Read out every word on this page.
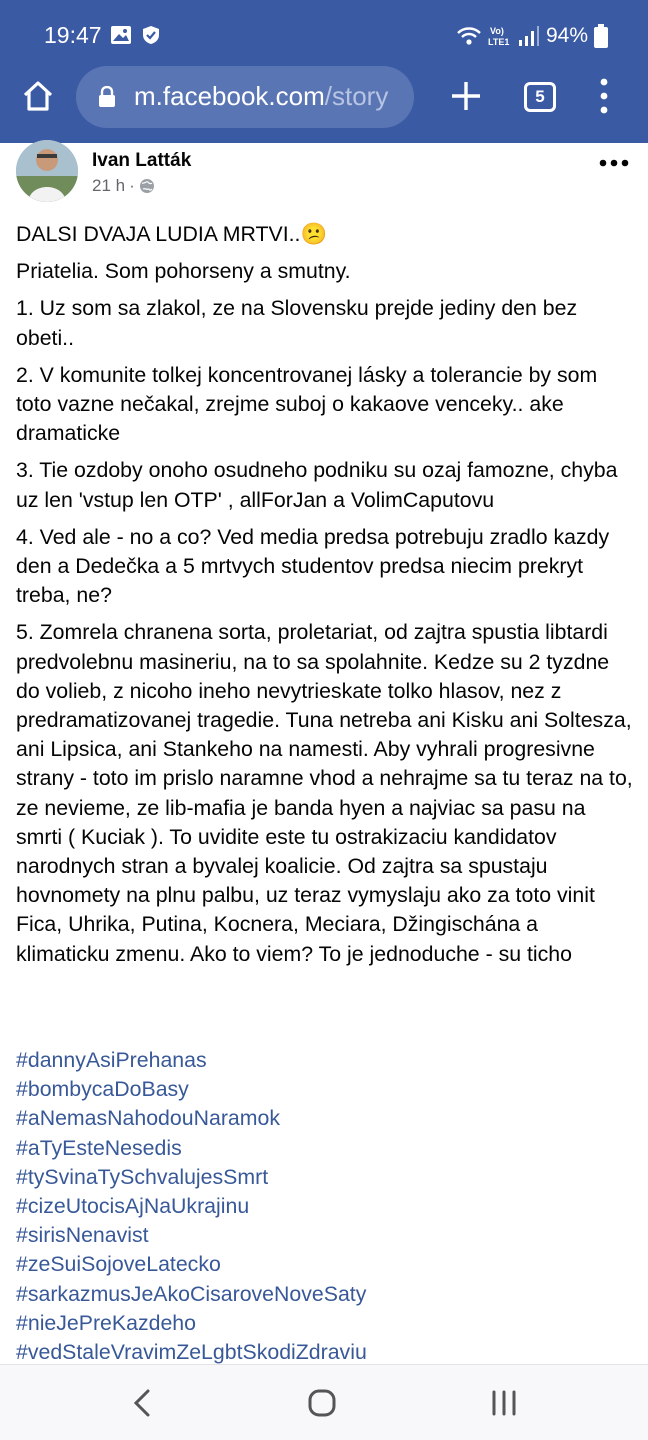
19:47	Vo)
LTE1 94%
m.facebook.com/story	5
Ivan Latták
21 h ·

DALSI DVAJA LUDIA MRTVI..😕

Priatelia. Som pohorseny a smutny.

1. Uz som sa zlakol, ze na Slovensku prejde jediny den bez obeti..

2. V komunite tolkej koncentrovanej lásky a tolerancie by som toto vazne nečakal, zrejme suboj o kakaove venceky.. ake dramaticke

3. Tie ozdoby onoho osudneho podniku su ozaj famozne, chyba uz len 'vstup len OTP' , allForJan a VolimCaputovu

4. Ved ale - no a co? Ved media predsa potrebuju zradlo kazdy den a Dedečka a 5 mrtvych studentov predsa niecim prekryt treba, ne?

5. Zomrela chranena sorta, proletariat, od zajtra spustia libtardi predvolebnu masineriu, na to sa spolahnite. Kedze su 2 tyzdne do volieb, z nicoho ineho nevytrieskate tolko hlasov, nez z predramatizovanej tragedie. Tuna netreba ani Kisku ani Soltesza, ani Lipsica, ani Stankeho na namesti. Aby vyhrali progresivne strany - toto im prislo naramne vhod a nehrajme sa tu teraz na to, ze nevieme, ze lib-mafia je banda hyen a najviac sa pasu na smrti ( Kuciak ). To uvidite este tu ostrakizaciu kandidatov narodnych stran a byvalej koalicie. Od zajtra sa spustaju hovnomety na plnu palbu, uz teraz vymyslaju ako za toto vinit Fica, Uhrika, Putina, Kocnera, Meciara, Džingischána a klimaticku zmenu. Ako to viem? To je jednoduche - su ticho

#dannyAsiPrehanas
#bombycaDoBasy
#aNemasNahodouNaramok
#aTyEsteNesedis
#tySvinaTySchvalujesSmrt
#cizeUtocisAjNaUkrajinu
#sirisNenavist
#zeSuiSojoveLatecko
#sarkazmusJeAkoCisaroveNoveSaty
#nieJePreKazdeho
#vedStaleVravimZeLgbtSkodiZdraviu
